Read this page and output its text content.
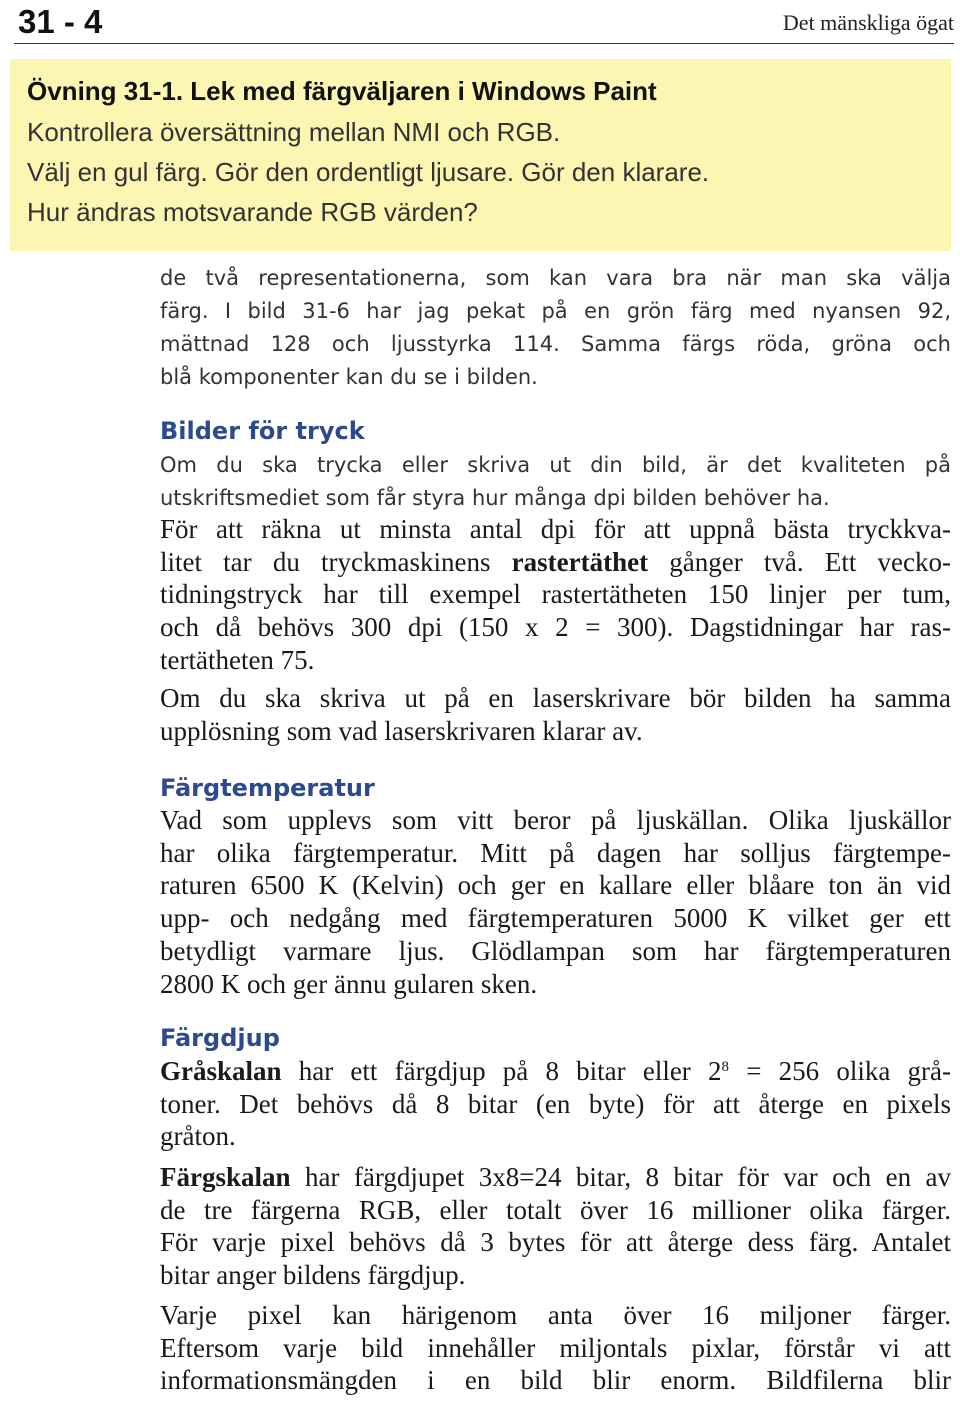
31 - 4	Det mänskliga ögat
Övning 31-1. Lek med färgväljaren i Windows Paint
Kontrollera översättning mellan NMI och RGB.
Välj en gul färg. Gör den ordentligt ljusare. Gör den klarare.
Hur ändras motsvarande RGB värden?
de två representationerna, som kan vara bra när man ska välja
färg. I bild 31-6 har jag pekat på en grön färg med nyansen 92,
mättnad 128 och ljusstyrka 114. Samma färgs röda, gröna och
blå komponenter kan du se i bilden.
Bilder för tryck
Om du ska trycka eller skriva ut din bild, är det kvaliteten på
utskriftsmediet som får styra hur många dpi bilden behöver ha.
För att räkna ut minsta antal dpi för att uppnå bästa tryckkva-
litet tar du tryckmaskinens rastertäthet gånger två. Ett vecko-
tidningstryck har till exempel rastertätheten 150 linjer per tum,
och då behövs 300 dpi (150 x 2 = 300). Dagstidningar har ras-
tertätheten 75.
Om du ska skriva ut på en laserskrivare bör bilden ha samma
upplösning som vad laserskrivaren klarar av.
Färgtemperatur
Vad som upplevs som vitt beror på ljuskällan. Olika ljuskällor
har olika färgtemperatur. Mitt på dagen har solljus färgtempe-
raturen 6500 K (Kelvin) och ger en kallare eller blåare ton än vid
upp- och nedgång med färgtemperaturen 5000 K vilket ger ett
betydligt varmare ljus. Glödlampan som har färgtemperaturen
2800 K och ger ännu gularen sken.
Färgdjup
Gråskalan har ett färgdjup på 8 bitar eller $2^8 = 256$ olika grå-
toner. Det behövs då 8 bitar (en byte) för att återge en pixels
gråton.
Färgskalan har färgdjupet 3x8=24 bitar, 8 bitar för var och en av
de tre färgerna RGB, eller totalt över 16 millioner olika färger.
För varje pixel behövs då 3 bytes för att återge dess färg. Antalet
bitar anger bildens färgdjup.
Varje pixel kan härigenom anta över 16 miljoner färger.
Eftersom varje bild innehåller miljontals pixlar, förstår vi att
informationsmängden i en bild blir enorm. Bildfilerna blir
